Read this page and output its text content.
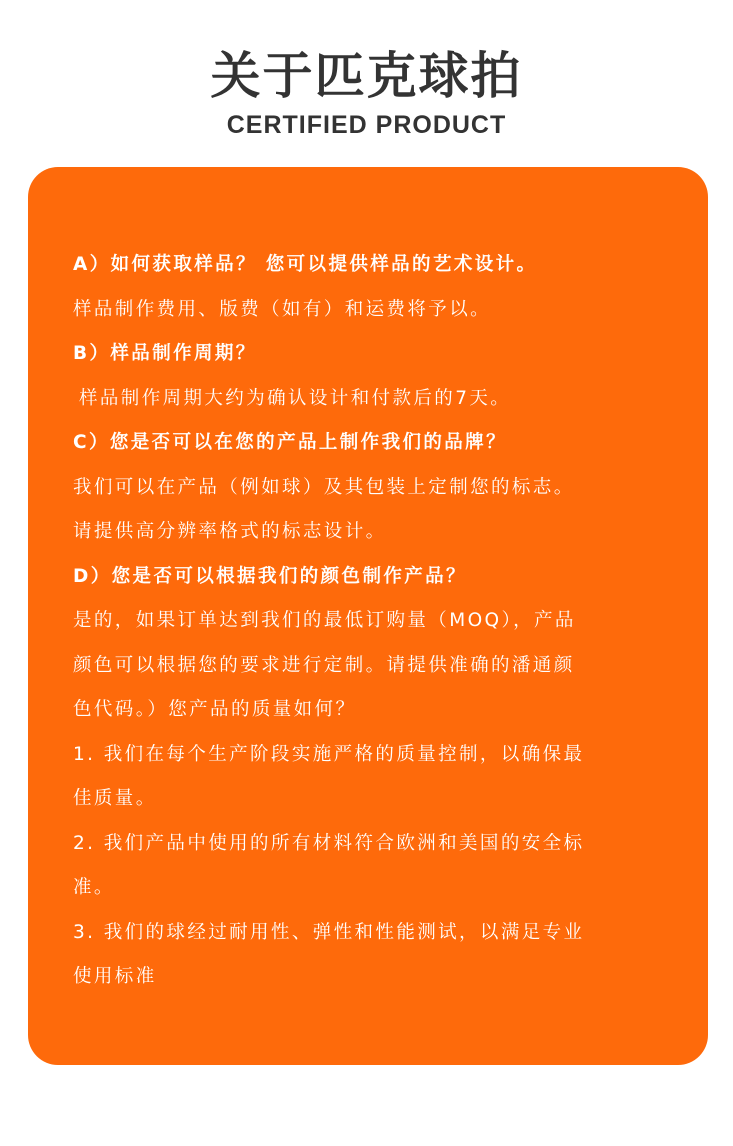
关于匹克球拍
CERTIFIED PRODUCT
A）如何获取样品？ 您可以提供样品的艺术设计。
样品制作费用、版费（如有）和运费将予以。
B）样品制作周期？
样品制作周期大约为确认设计和付款后的7天。
C）您是否可以在您的产品上制作我们的品牌？
我们可以在产品（例如球）及其包装上定制您的标志。
请提供高分辨率格式的标志设计。
D）您是否可以根据我们的颜色制作产品？
是的，如果订单达到我们的最低订购量（MOQ），产品
颜色可以根据您的要求进行定制。请提供准确的潘通颜
色代码。）您产品的质量如何？
1. 我们在每个生产阶段实施严格的质量控制，以确保最
佳质量。
2. 我们产品中使用的所有材料符合欧洲和美国的安全标
准。
3. 我们的球经过耐用性、弹性和性能测试，以满足专业
使用标准
